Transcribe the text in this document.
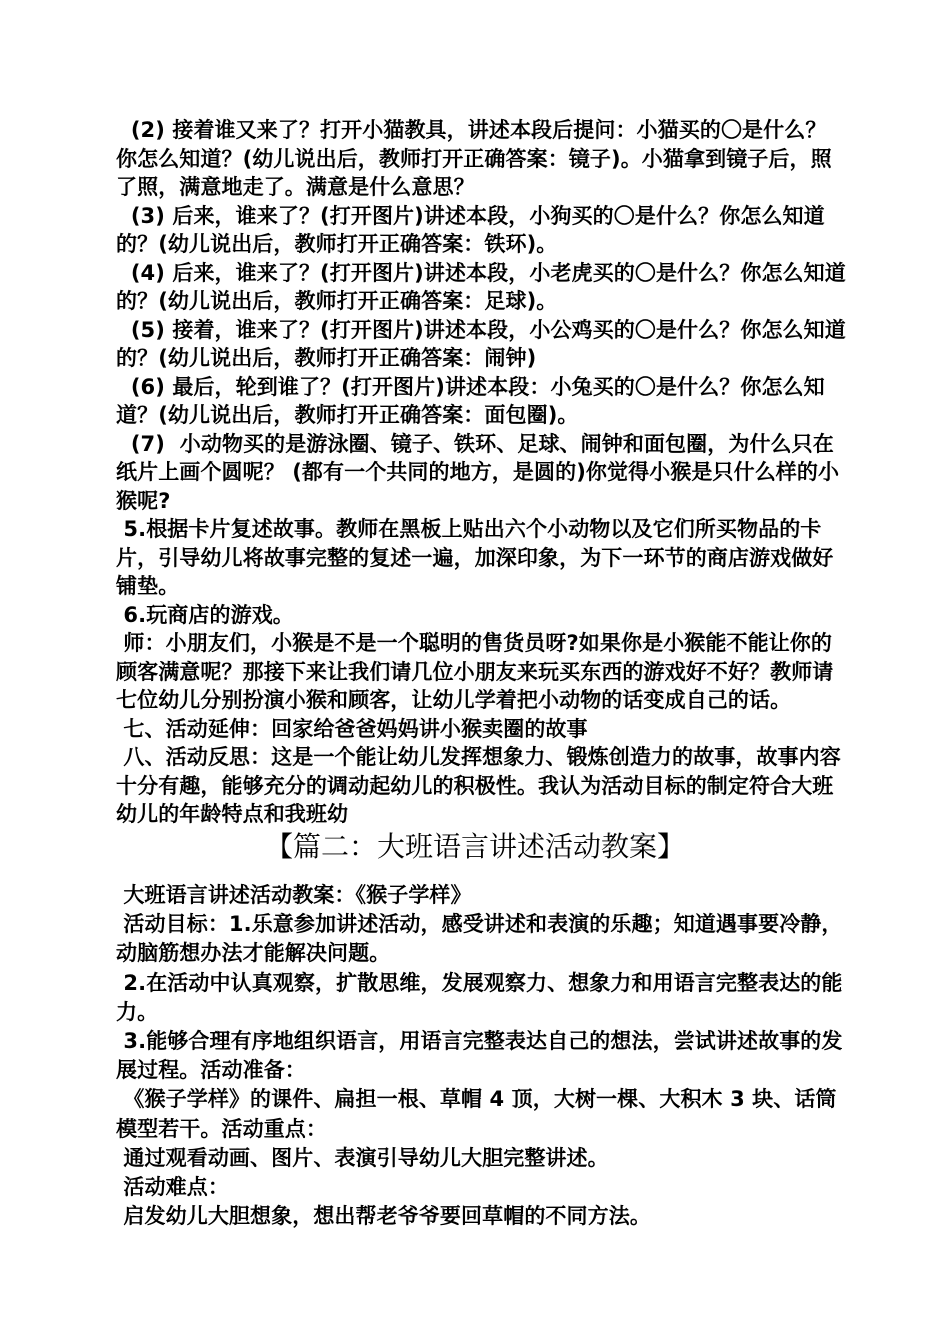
(2) 接着谁又来了？打开小猫教具，讲述本段后提问：小猫买的〇是什么？你怎么知道？(幼儿说出后，教师打开正确答案：镜子)。小猫拿到镜子后，照了照，满意地走了。满意是什么意思？

(3) 后来，谁来了？(打开图片)讲述本段，小狗买的〇是什么？你怎么知道的？(幼儿说出后，教师打开正确答案：铁环)。

(4) 后来，谁来了？(打开图片)讲述本段，小老虎买的〇是什么？你怎么知道的？(幼儿说出后，教师打开正确答案：足球)。

(5) 接着，谁来了？(打开图片)讲述本段，小公鸡买的〇是什么？你怎么知道的？(幼儿说出后，教师打开正确答案：闹钟)

(6) 最后，轮到谁了？(打开图片)讲述本段：小兔买的〇是什么？你怎么知道？(幼儿说出后，教师打开正确答案：面包圈)。

(7)  小动物买的是游泳圈、镜子、铁环、足球、闹钟和面包圈，为什么只在纸片上画个圆呢？ (都有一个共同的地方，是圆的)你觉得小猴是只什么样的小猴呢?

5.根据卡片复述故事。教师在黑板上贴出六个小动物以及它们所买物品的卡片，引导幼儿将故事完整的复述一遍，加深印象，为下一环节的商店游戏做好铺垫。

6.玩商店的游戏。

师：小朋友们，小猴是不是一个聪明的售货员呀?如果你是小猴能不能让你的顾客满意呢？那接下来让我们请几位小朋友来玩买东西的游戏好不好？教师请七位幼儿分别扮演小猴和顾客，让幼儿学着把小动物的话变成自己的话。

七、活动延伸：回家给爸爸妈妈讲小猴卖圈的故事

八、活动反思：这是一个能让幼儿发挥想象力、锻炼创造力的故事，故事内容十分有趣，能够充分的调动起幼儿的积极性。我认为活动目标的制定符合大班幼儿的年龄特点和我班幼

【篇二：大班语言讲述活动教案】

大班语言讲述活动教案：《猴子学样》

活动目标：1.乐意参加讲述活动，感受讲述和表演的乐趣；知道遇事要冷静，动脑筋想办法才能解决问题。

2.在活动中认真观察，扩散思维，发展观察力、想象力和用语言完整表达的能力。

3.能够合理有序地组织语言，用语言完整表达自己的想法，尝试讲述故事的发展过程。活动准备：

《猴子学样》的课件、扁担一根、草帽 4 顶，大树一棵、大积木 3 块、话筒模型若干。活动重点：

通过观看动画、图片、表演引导幼儿大胆完整讲述。

活动难点：

启发幼儿大胆想象，想出帮老爷爷要回草帽的不同方法。
